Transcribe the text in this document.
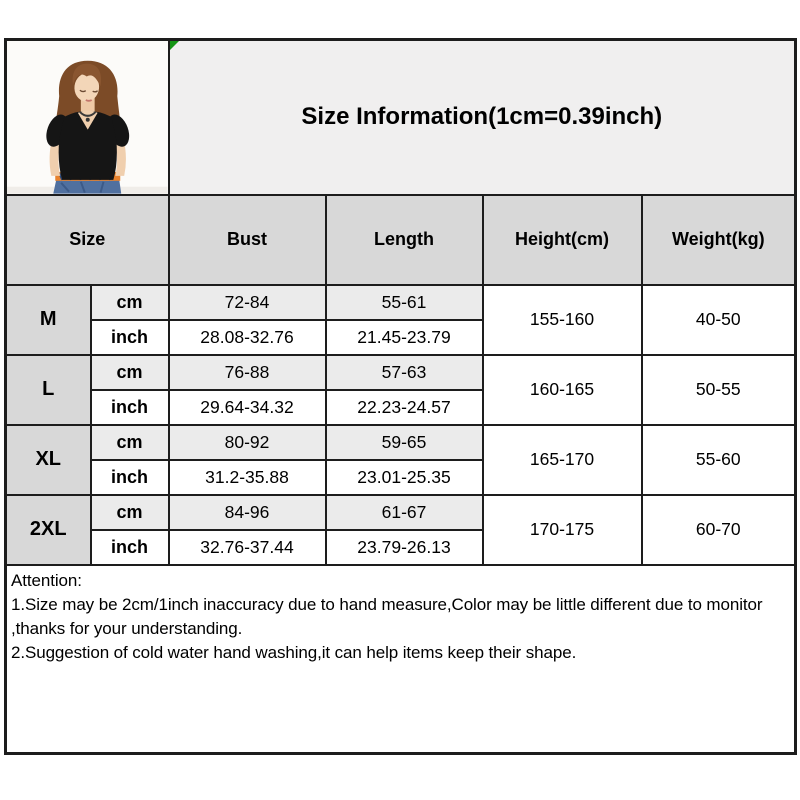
Size Information(1cm=0.39inch)			
Size		Bust	Length	Height(cm)	Weight(kg)
M	cm	72-84	55-61	155-160	40-50
	inch	28.08-32.76	21.45-23.79		
L	cm	76-88	57-63	160-165	50-55
	inch	29.64-34.32	22.23-24.57		
XL	cm	80-92	59-65	165-170	55-60
	inch	31.2-35.88	23.01-25.35		
2XL	cm	84-96	61-67	170-175	60-70
	inch	32.76-37.44	23.79-26.13		

Attention:

1.Size may be 2cm/1inch inaccuracy due to hand measure,Color may be little different due to monitor ,thanks for your understanding.

2.Suggestion of cold water hand washing,it can help items keep their shape.					
